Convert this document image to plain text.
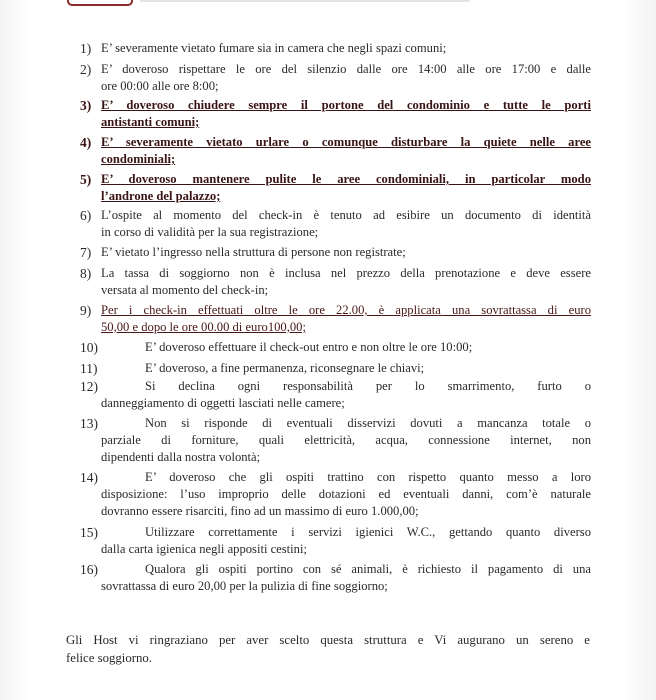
1) E’ severamente vietato fumare sia in camera che negli spazi comuni;
2) E’ doveroso rispettare le ore del silenzio dalle ore 14:00 alle ore 17:00 e dalle
ore 00:00 alle ore 8:00;
3) E’ doveroso chiudere sempre il portone del condominio e tutte le porti
antistanti comuni;
4) E’ severamente vietato urlare o comunque disturbare la quiete nelle aree
condominiali;
5) E’ doveroso mantenere pulite le aree condominiali, in particolar modo
l’androne del palazzo;
6) L’ospite al momento del check-in è tenuto ad esibire un documento di identità
in corso di validità per la sua registrazione;
7) E’ vietato l’ingresso nella struttura di persone non registrate;
8) La tassa di soggiorno non è inclusa nel prezzo della prenotazione e deve essere
versata al momento del check-in;
9) Per i check-in effettuati oltre le ore 22.00, è applicata una sovrattassa di euro
50,00 e dopo le ore 00.00 di euro100,00;
10)	E’ doveroso effettuare il check-out entro e non oltre le ore 10:00;
11)	E’ doveroso, a fine permanenza, riconsegnare le chiavi;
12)	Si declina ogni responsabilità per lo smarrimento, furto o
danneggiamento di oggetti lasciati nelle camere;
13)	Non si risponde di eventuali disservizi dovuti a mancanza totale o
parziale di forniture, quali elettricità, acqua, connessione internet, non
dipendenti dalla nostra volontà;
14)	E’ doveroso che gli ospiti trattino con rispetto quanto messo a loro
disposizione: l’uso improprio delle dotazioni ed eventuali danni, com’è naturale
dovranno essere risarciti, fino ad un massimo di euro 1.000,00;
15)	Utilizzare correttamente i servizi igienici W.C., gettando quanto diverso
dalla carta igienica negli appositi cestini;
16)	Qualora gli ospiti portino con sé animali, è richiesto il pagamento di una
sovrattassa di euro 20,00 per la pulizia di fine soggiorno;
Gli Host vi ringraziano per aver scelto questa struttura e Vi augurano un sereno e
felice soggiorno.
